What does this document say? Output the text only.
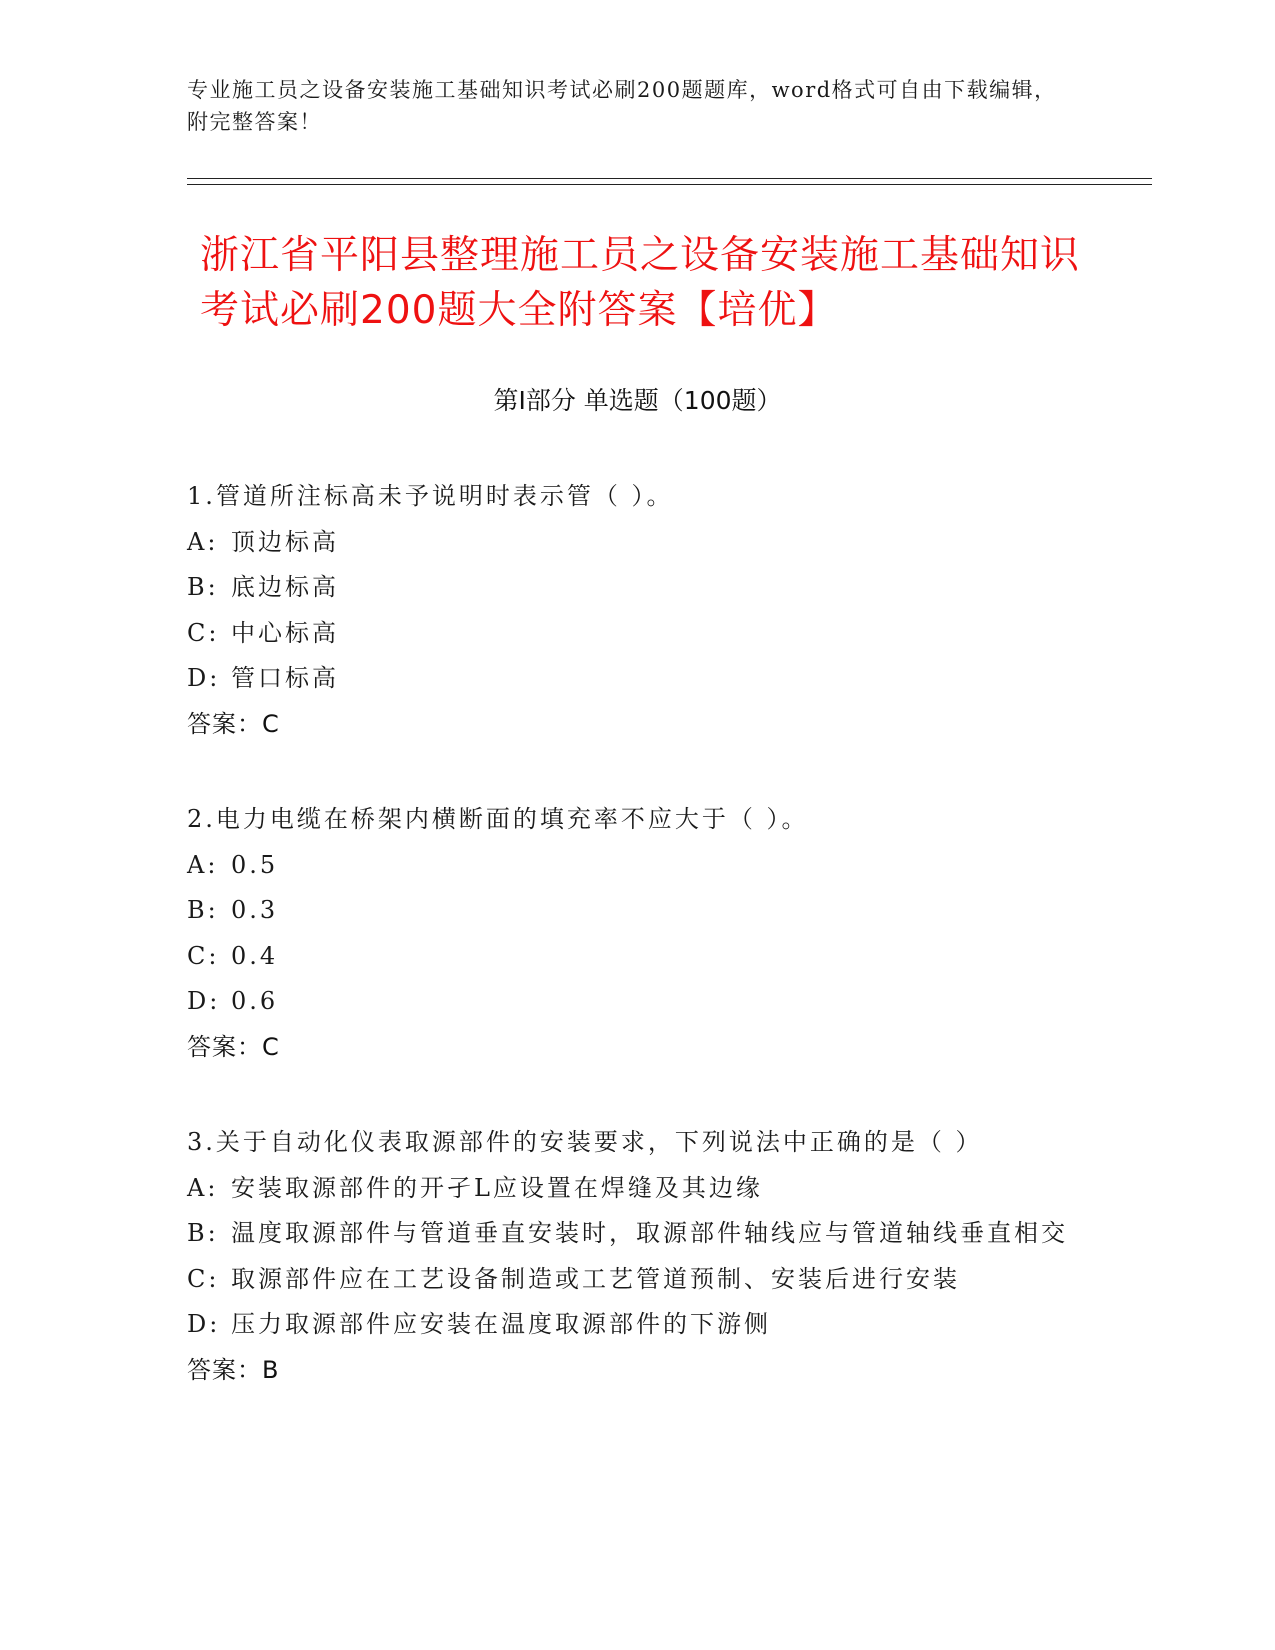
专业施工员之设备安装施工基础知识考试必刷200题题库，word格式可自由下载编辑，附完整答案！
浙江省平阳县整理施工员之设备安装施工基础知识考试必刷200题大全附答案【培优】
第Ⅰ部分 单选题（100题）
1.管道所注标高未予说明时表示管（ ）。
A: 顶边标高
B: 底边标高
C: 中心标高
D: 管口标高
答案：C
2.电力电缆在桥架内横断面的填充率不应大于（ ）。
A: 0.5
B: 0.3
C: 0.4
D: 0.6
答案：C
3.关于自动化仪表取源部件的安装要求，下列说法中正确的是（ ）
A: 安装取源部件的开孑L应设置在焊缝及其边缘
B: 温度取源部件与管道垂直安装时，取源部件轴线应与管道轴线垂直相交
C: 取源部件应在工艺设备制造或工艺管道预制、安装后进行安装
D: 压力取源部件应安装在温度取源部件的下游侧
答案：B
